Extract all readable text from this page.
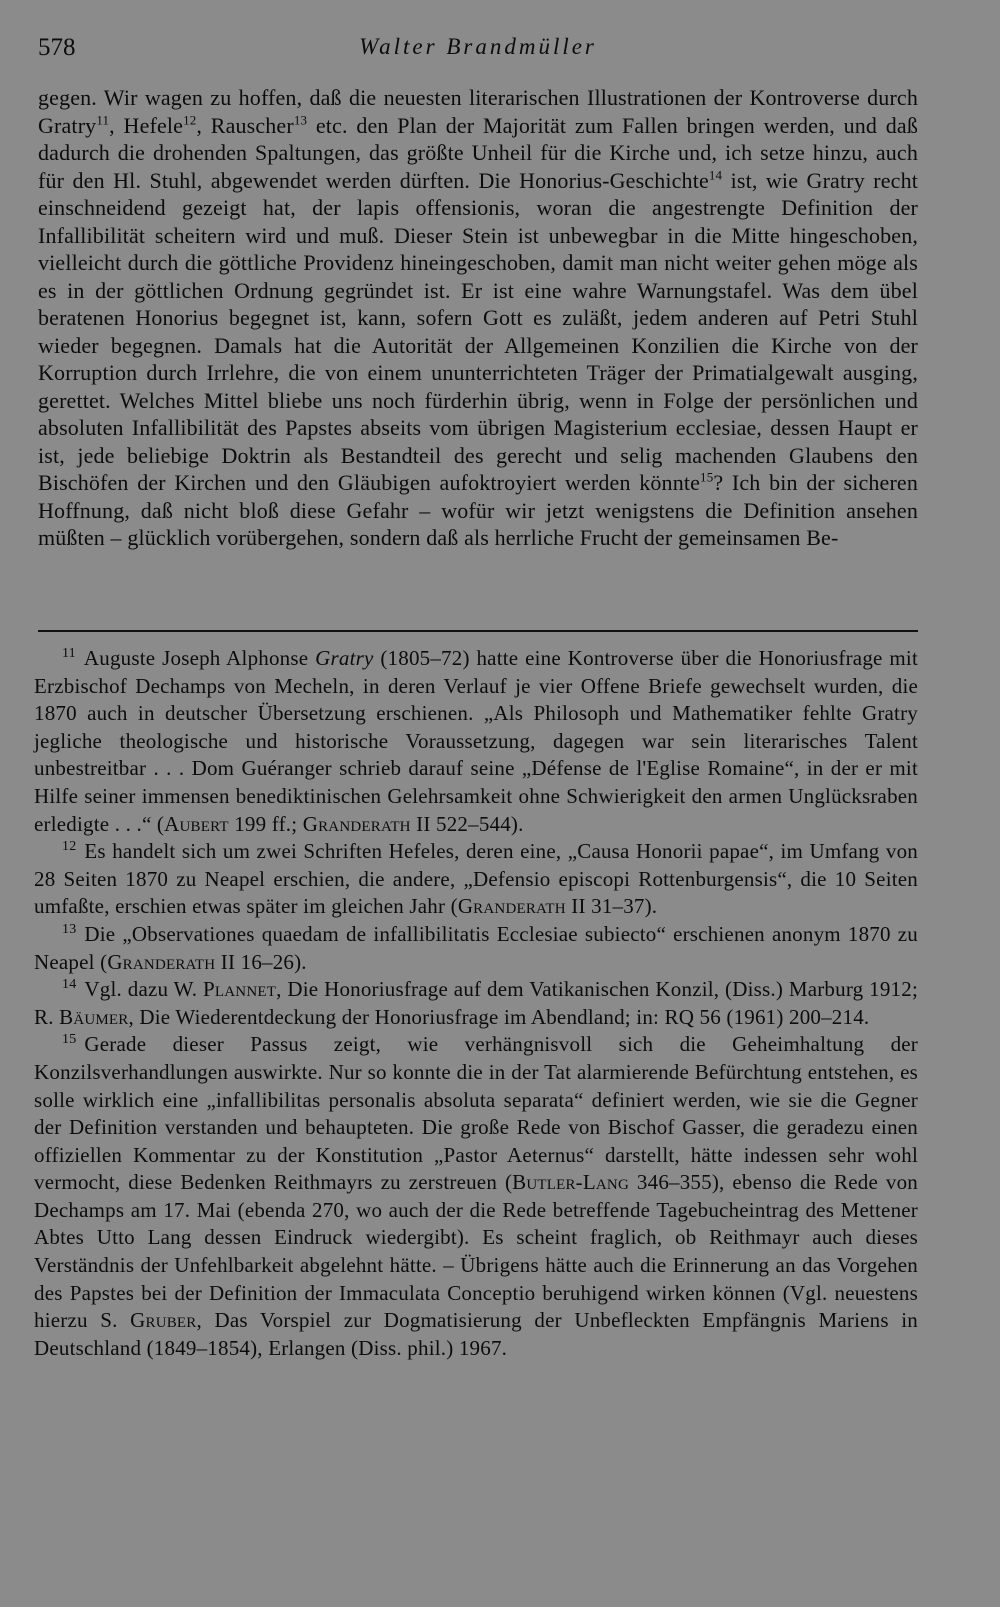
578	Walter Brandmüller
gegen. Wir wagen zu hoffen, daß die neuesten literarischen Illustrationen der Kontroverse durch Gratry$^{11}$, Hefele$^{12}$, Rauscher$^{13}$ etc. den Plan der Majorität zum Fallen bringen werden, und daß dadurch die drohenden Spaltungen, das größte Unheil für die Kirche und, ich setze hinzu, auch für den Hl. Stuhl, abgewendet werden dürften. Die Honorius-Geschichte$^{14}$ ist, wie Gratry recht einschneidend gezeigt hat, der lapis offensionis, woran die angestrengte Definition der Infallibilität scheitern wird und muß. Dieser Stein ist unbewegbar in die Mitte hingeschoben, vielleicht durch die göttliche Providenz hineingeschoben, damit man nicht weiter gehen möge als es in der göttlichen Ordnung gegründet ist. Er ist eine wahre Warnungstafel. Was dem übel beratenen Honorius begegnet ist, kann, sofern Gott es zuläßt, jedem anderen auf Petri Stuhl wieder begegnen. Damals hat die Autorität der Allgemeinen Konzilien die Kirche von der Korruption durch Irrlehre, die von einem ununterrichteten Träger der Primatialgewalt ausging, gerettet. Welches Mittel bliebe uns noch fürderhin übrig, wenn in Folge der persönlichen und absoluten Infallibilität des Papstes abseits vom übrigen Magisterium ecclesiae, dessen Haupt er ist, jede beliebige Doktrin als Bestandteil des gerecht und selig machenden Glaubens den Bischöfen der Kirchen und den Gläubigen aufoktroyiert werden könnte$^{15}$? Ich bin der sicheren Hoffnung, daß nicht bloß diese Gefahr – wofür wir jetzt wenigstens die Definition ansehen müßten – glücklich vorübergehen, sondern daß als herrliche Frucht der gemeinsamen Be-

$^{11}$ Auguste Joseph Alphonse Gratry (1805–72) hatte eine Kontroverse über die Honoriusfrage mit Erzbischof Dechamps von Mecheln, in deren Verlauf je vier Offene Briefe gewechselt wurden, die 1870 auch in deutscher Übersetzung erschienen. „Als Philosoph und Mathematiker fehlte Gratry jegliche theologische und historische Voraussetzung, dagegen war sein literarisches Talent unbestreitbar . . . Dom Guéranger schrieb darauf seine „Défense de l'Eglise Romaine“, in der er mit Hilfe seiner immensen benediktinischen Gelehrsamkeit ohne Schwierigkeit den armen Unglücksraben erledigte . . .“ (Aubert 199 ff.; Granderath II 522–544).

$^{12}$ Es handelt sich um zwei Schriften Hefeles, deren eine, „Causa Honorii papae“, im Umfang von 28 Seiten 1870 zu Neapel erschien, die andere, „Defensio episcopi Rottenburgensis“, die 10 Seiten umfaßte, erschien etwas später im gleichen Jahr (Granderath II 31–37).

$^{13}$ Die „Observationes quaedam de infallibilitatis Ecclesiae subiecto“ erschienen anonym 1870 zu Neapel (Granderath II 16–26).

$^{14}$ Vgl. dazu W. Plannet, Die Honoriusfrage auf dem Vatikanischen Konzil, (Diss.) Marburg 1912; R. Bäumer, Die Wiederentdeckung der Honoriusfrage im Abendland; in: RQ 56 (1961) 200–214.

$^{15}$ Gerade dieser Passus zeigt, wie verhängnisvoll sich die Geheimhaltung der Konzilsverhandlungen auswirkte. Nur so konnte die in der Tat alarmierende Befürchtung entstehen, es solle wirklich eine „infallibilitas personalis absoluta separata“ definiert werden, wie sie die Gegner der Definition verstanden und behaupteten. Die große Rede von Bischof Gasser, die geradezu einen offiziellen Kommentar zu der Konstitution „Pastor Aeternus“ darstellt, hätte indessen sehr wohl vermocht, diese Bedenken Reithmayrs zu zerstreuen (Butler-Lang 346–355), ebenso die Rede von Dechamps am 17. Mai (ebenda 270, wo auch der die Rede betreffende Tagebucheintrag des Mettener Abtes Utto Lang dessen Eindruck wiedergibt). Es scheint fraglich, ob Reithmayr auch dieses Verständnis der Unfehlbarkeit abgelehnt hätte. – Übrigens hätte auch die Erinnerung an das Vorgehen des Papstes bei der Definition der Immaculata Conceptio beruhigend wirken können (Vgl. neuestens hierzu S. Gruber, Das Vorspiel zur Dogmatisierung der Unbefleckten Empfängnis Mariens in Deutschland (1849–1854), Erlangen (Diss. phil.) 1967.
